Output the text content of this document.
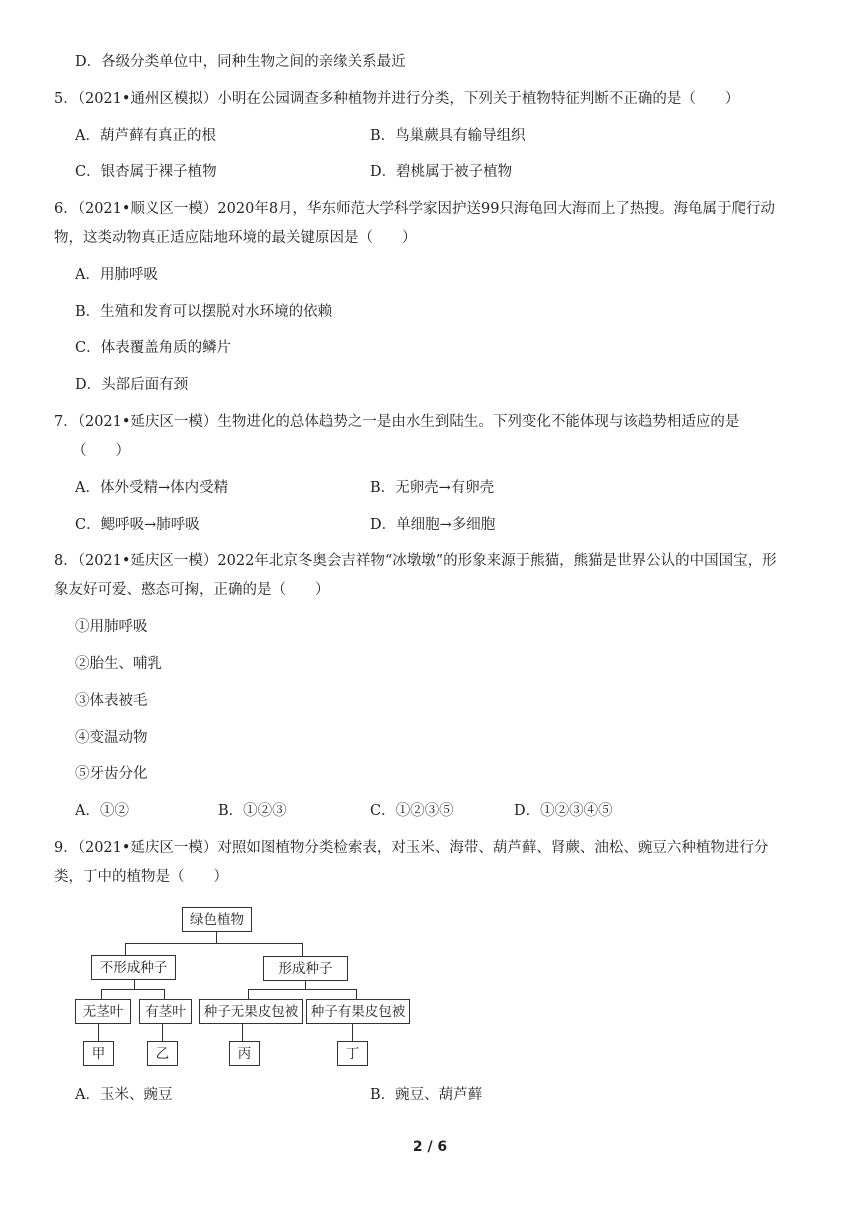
D．各级分类单位中，同种生物之间的亲缘关系最近
5．（2021•通州区模拟）小明在公园调查多种植物并进行分类，下列关于植物特征判断不正确的是（　　）
A．葫芦藓有真正的根	B．鸟巢蕨具有输导组织
C．银杏属于裸子植物	D．碧桃属于被子植物
6．（2021•顺义区一模）2020年8月，华东师范大学科学家因护送99只海龟回大海而上了热搜。海龟属于爬行动
物，这类动物真正适应陆地环境的最关键原因是（　　）
A．用肺呼吸
B．生殖和发育可以摆脱对水环境的依赖
C．体表覆盖角质的鳞片
D．头部后面有颈
7．（2021•延庆区一模）生物进化的总体趋势之一是由水生到陆生。下列变化不能体现与该趋势相适应的是
（　　）
A．体外受精→体内受精	B．无卵壳→有卵壳
C．鳃呼吸→肺呼吸	D．单细胞→多细胞
8．（2021•延庆区一模）2022年北京冬奥会吉祥物“冰墩墩”的形象来源于熊猫，熊猫是世界公认的中国国宝，形
象友好可爱、憨态可掬，正确的是（　　）
①用肺呼吸
②胎生、哺乳
③体表被毛
④变温动物
⑤牙齿分化
A．①②	B．①②③	C．①②③⑤	D．①②③④⑤
9．（2021•延庆区一模）对照如图植物分类检索表，对玉米、海带、葫芦藓、肾蕨、油松、豌豆六种植物进行分
类，丁中的植物是（　　）
绿色植物
不形成种子	形成种子
无茎叶	有茎叶	种子无果皮包被 种子有果皮包被
甲	乙	丙	丁
A．玉米、豌豆	B．豌豆、葫芦藓
2 / 6
